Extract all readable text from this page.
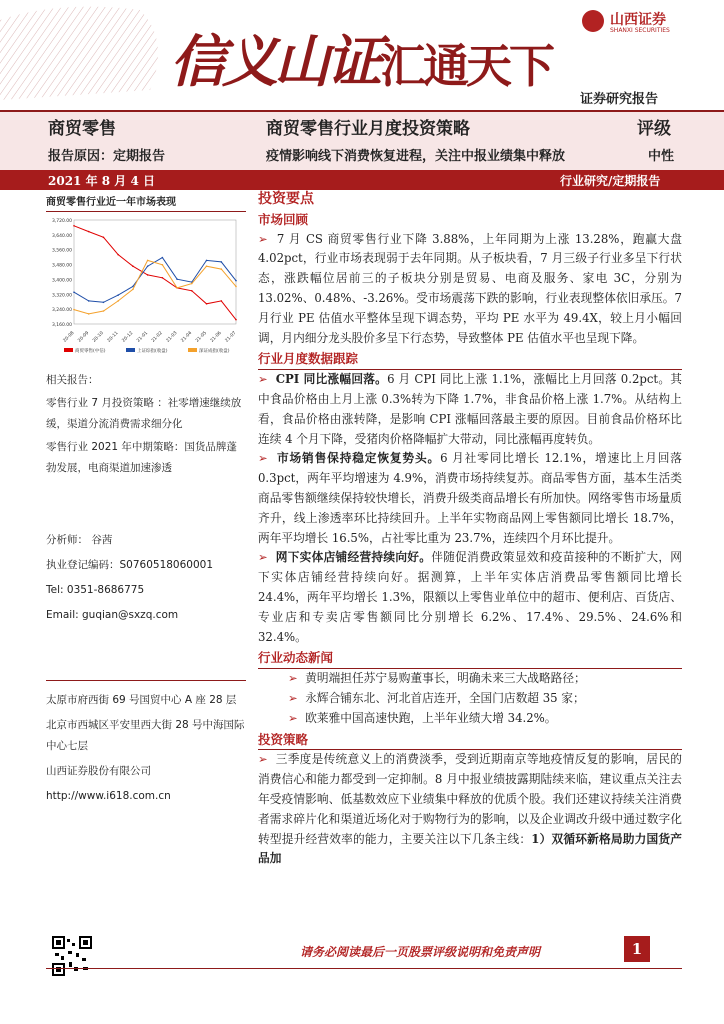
信义山证 汇通天下
山西证券
SHANXI SECURITIES
证券研究报告
商贸零售	商贸零售行业月度投资策略	评级
报告原因：定期报告	疫情影响线下消费恢复进程，关注中报业绩集中释放	中性
2021 年 8 月 4 日	行业研究/定期报告
商贸零售行业近一年市场表现
3,720.00
3,640.00
3,560.00
3,480.00
3,400.00
3,320.00
3,240.00
3,160.00
20-08 20-09 20-10 20-11 20-12 21-01 21-02 21-03 21-04 21-05 21-06 21-07
商贸零售(中信)	上证综指(收盘)	深证成指(收盘)
相关报告：
零售行业 7 月投资策略 ：社零增速继续放缓，渠道分流消费需求细分化
零售行业 2021 年中期策略：国货品牌蓬勃发展，电商渠道加速渗透
分析师： 谷茜
执业登记编码：S0760518060001
Tel: 0351-8686775
Email: guqian@sxzq.com
太原市府西街 69 号国贸中心 A 座 28 层
北京市西城区平安里西大街 28 号中海国际中心七层
山西证券股份有限公司
http://www.i618.com.cn
投资要点
市场回顾

➢  7 月 CS 商贸零售行业下降 3.88%，上年同期为上涨 13.28%，跑赢大盘 4.02pct，行业市场表现弱于去年同期。从子板块看，7 月三级子行业多呈下行状态，涨跌幅位居前三的子板块分别是贸易、电商及服务、家电 3C，分别为 13.02%、0.48%、-3.26%。受市场震荡下跌的影响，行业表现整体依旧承压。7 月行业 PE 估值水平整体呈现下调态势，平均 PE 水平为 49.4X，较上月小幅回调，月内细分龙头股价多呈下行态势，导致整体 PE 估值水平也呈现下降。

行业月度数据跟踪

➢  CPI 同比涨幅回落。6 月 CPI 同比上涨 1.1%，涨幅比上月回落 0.2pct。其中食品价格由上月上涨 0.3%转为下降 1.7%，非食品价格上涨 1.7%。从结构上看，食品价格由涨转降，是影响 CPI 涨幅回落最主要的原因。目前食品价格环比连续 4 个月下降，受猪肉价格降幅扩大带动，同比涨幅再度转负。

➢  市场销售保持稳定恢复势头。6 月社零同比增长 12.1%，增速比上月回落 0.3pct，两年平均增速为 4.9%，消费市场持续复苏。商品零售方面，基本生活类商品零售额继续保持较快增长，消费升级类商品增长有所加快。网络零售市场量质齐升，线上渗透率环比持续回升。上半年实物商品网上零售额同比增长 18.7%，两年平均增长 16.5%，占社零比重为 23.7%，连续四个月环比提升。

➢  网下实体店铺经营持续向好。伴随促消费政策显效和疫苗接种的不断扩大，网下实体店铺经营持续向好。据测算，上半年实体店消费品零售额同比增长 24.4%，两年平均增长 1.3%，限额以上零售业单位中的超市、便利店、百货店、专业店和专卖店零售额同比分别增长 6.2%、17.4%、29.5%、24.6%和 32.4%。

行业动态新闻
➢  黄明端担任苏宁易购董事长，明确未来三大战略路径；
➢  永辉合铺东北、河北首店连开，全国门店数超 35 家；
➢  欧莱雅中国高速快跑，上半年业绩大增 34.2%。
投资策略

➢  三季度是传统意义上的消费淡季，受到近期南京等地疫情反复的影响，居民的消费信心和能力都受到一定抑制。8 月中报业绩披露期陆续来临，建议重点关注去年受疫情影响、低基数效应下业绩集中释放的优质个股。我们还建议持续关注消费者需求碎片化和渠道近场化对于购物行为的影响，以及企业调改升级中通过数字化转型提升经营效率的能力，主要关注以下几条主线：1）双循环新格局助力国货产品加

请务必阅读最后一页股票评级说明和免责声明	1
